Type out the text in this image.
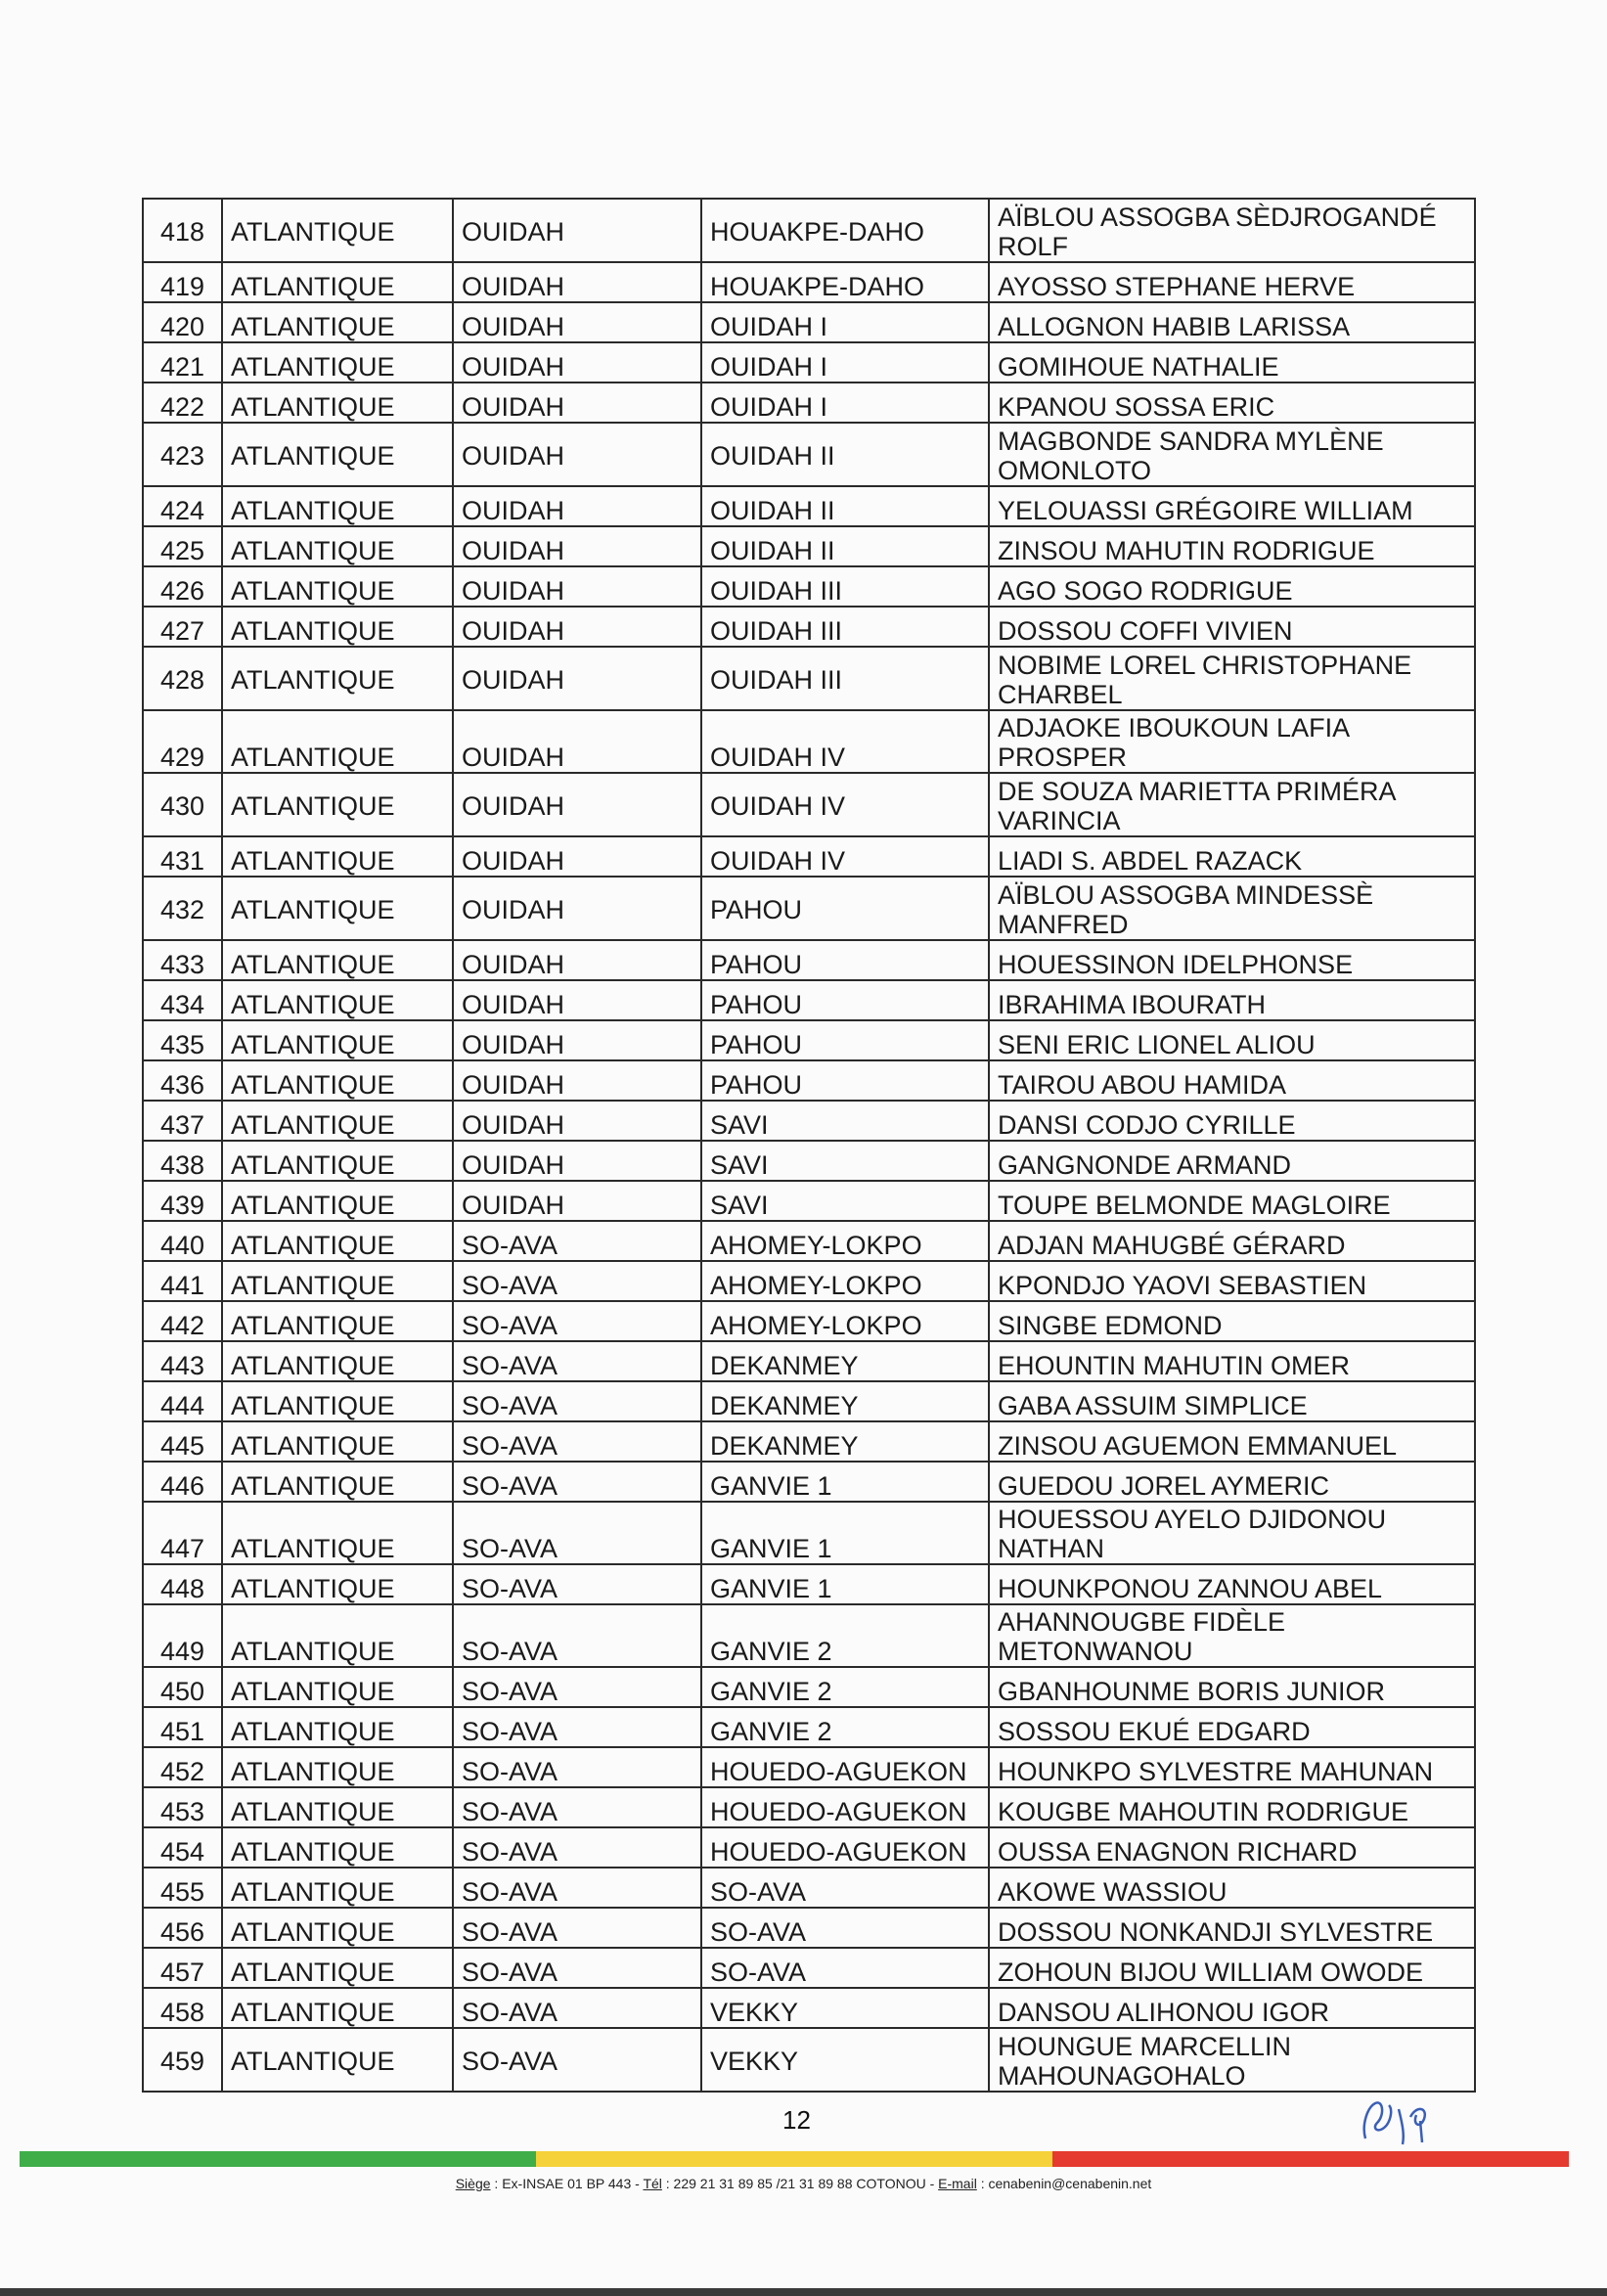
418	ATLANTIQUE	OUIDAH	HOUAKPE-DAHO	AÏBLOU ASSOGBA SÈDJROGANDÉ ROLF
419	ATLANTIQUE	OUIDAH	HOUAKPE-DAHO	AYOSSO STEPHANE HERVE
420	ATLANTIQUE	OUIDAH	OUIDAH I	ALLOGNON HABIB LARISSA
421	ATLANTIQUE	OUIDAH	OUIDAH I	GOMIHOUE NATHALIE
422	ATLANTIQUE	OUIDAH	OUIDAH I	KPANOU SOSSA ERIC
423	ATLANTIQUE	OUIDAH	OUIDAH II	MAGBONDE SANDRA MYLÈNE OMONLOTO
424	ATLANTIQUE	OUIDAH	OUIDAH II	YELOUASSI GRÉGOIRE WILLIAM
425	ATLANTIQUE	OUIDAH	OUIDAH II	ZINSOU MAHUTIN RODRIGUE
426	ATLANTIQUE	OUIDAH	OUIDAH III	AGO SOGO RODRIGUE
427	ATLANTIQUE	OUIDAH	OUIDAH III	DOSSOU COFFI VIVIEN
428	ATLANTIQUE	OUIDAH	OUIDAH III	NOBIME LOREL CHRISTOPHANE CHARBEL
429	ATLANTIQUE	OUIDAH	OUIDAH IV	ADJAOKE IBOUKOUN LAFIA PROSPER
430	ATLANTIQUE	OUIDAH	OUIDAH IV	DE SOUZA MARIETTA PRIMÉRA VARINCIA
431	ATLANTIQUE	OUIDAH	OUIDAH IV	LIADI S. ABDEL RAZACK
432	ATLANTIQUE	OUIDAH	PAHOU	AÏBLOU ASSOGBA MINDESSÈ MANFRED
433	ATLANTIQUE	OUIDAH	PAHOU	HOUESSINON IDELPHONSE
434	ATLANTIQUE	OUIDAH	PAHOU	IBRAHIMA IBOURATH
435	ATLANTIQUE	OUIDAH	PAHOU	SENI ERIC LIONEL ALIOU
436	ATLANTIQUE	OUIDAH	PAHOU	TAIROU ABOU HAMIDA
437	ATLANTIQUE	OUIDAH	SAVI	DANSI CODJO CYRILLE
438	ATLANTIQUE	OUIDAH	SAVI	GANGNONDE ARMAND
439	ATLANTIQUE	OUIDAH	SAVI	TOUPE BELMONDE MAGLOIRE
440	ATLANTIQUE	SO-AVA	AHOMEY-LOKPO	ADJAN MAHUGBÉ GÉRARD
441	ATLANTIQUE	SO-AVA	AHOMEY-LOKPO	KPONDJO YAOVI SEBASTIEN
442	ATLANTIQUE	SO-AVA	AHOMEY-LOKPO	SINGBE EDMOND
443	ATLANTIQUE	SO-AVA	DEKANMEY	EHOUNTIN MAHUTIN OMER
444	ATLANTIQUE	SO-AVA	DEKANMEY	GABA ASSUIM SIMPLICE
445	ATLANTIQUE	SO-AVA	DEKANMEY	ZINSOU AGUEMON EMMANUEL
446	ATLANTIQUE	SO-AVA	GANVIE 1	GUEDOU JOREL AYMERIC
447	ATLANTIQUE	SO-AVA	GANVIE 1	HOUESSOU AYELO DJIDONOU NATHAN
448	ATLANTIQUE	SO-AVA	GANVIE 1	HOUNKPONOU ZANNOU ABEL
449	ATLANTIQUE	SO-AVA	GANVIE 2	AHANNOUGBE FIDÈLE METONWANOU
450	ATLANTIQUE	SO-AVA	GANVIE 2	GBANHOUNME BORIS JUNIOR
451	ATLANTIQUE	SO-AVA	GANVIE 2	SOSSOU EKUÉ EDGARD
452	ATLANTIQUE	SO-AVA	HOUEDO-AGUEKON	HOUNKPO SYLVESTRE MAHUNAN
453	ATLANTIQUE	SO-AVA	HOUEDO-AGUEKON	KOUGBE MAHOUTIN RODRIGUE
454	ATLANTIQUE	SO-AVA	HOUEDO-AGUEKON	OUSSA ENAGNON RICHARD
455	ATLANTIQUE	SO-AVA	SO-AVA	AKOWE WASSIOU
456	ATLANTIQUE	SO-AVA	SO-AVA	DOSSOU NONKANDJI SYLVESTRE
457	ATLANTIQUE	SO-AVA	SO-AVA	ZOHOUN BIJOU WILLIAM OWODE
458	ATLANTIQUE	SO-AVA	VEKKY	DANSOU ALIHONOU IGOR
459	ATLANTIQUE	SO-AVA	VEKKY	HOUNGUE MARCELLIN MAHOUNAGOHALO
12
Siège : Ex-INSAE 01 BP 443 - Tél : 229 21 31 89 85 /21 31 89 88 COTONOU - E-mail : cenabenin@cenabenin.net
